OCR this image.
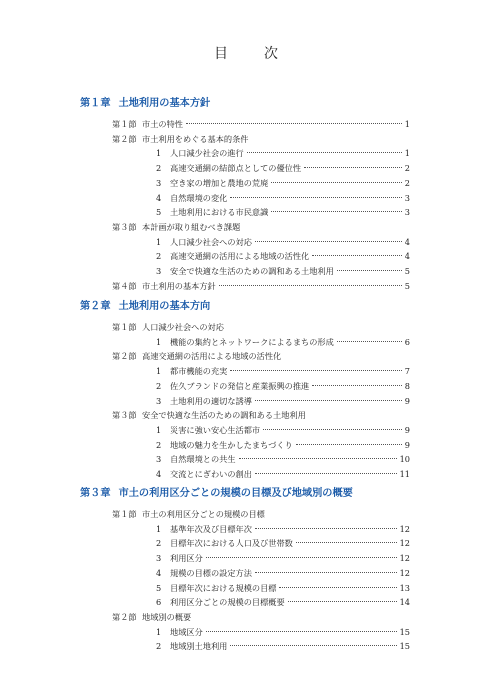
目 次
第１章 土地利用の基本方針
第１節 市土の特性	1
第２節 市土利用をめぐる基本的条件
1	人口減少社会の進行	1
2	高速交通網の結節点としての優位性	2
3	空き家の増加と農地の荒廃	2
4	自然環境の変化	3
5	土地利用における市民意識	3
第３節 本計画が取り組むべき課題
1	人口減少社会への対応	4
2	高速交通網の活用による地域の活性化	4
3	安全で快適な生活のための調和ある土地利用	5
第４節 市土利用の基本方針	5
第２章 土地利用の基本方向
第１節 人口減少社会への対応
1	機能の集約とネットワークによるまちの形成	6
第２節 高速交通網の活用による地域の活性化
1	都市機能の充実	7
2	佐久ブランドの発信と産業振興の推進	8
3	土地利用の適切な誘導	9
第３節 安全で快適な生活のための調和ある土地利用
1	災害に強い安心生活都市	9
2	地域の魅力を生かしたまちづくり	9
3	自然環境との共生	10
4	交流とにぎわいの創出	11
第３章 市土の利用区分ごとの規模の目標及び地域別の概要
第１節 市土の利用区分ごとの規模の目標
1	基準年次及び目標年次	12
2	目標年次における人口及び世帯数	12
3	利用区分	12
4	規模の目標の設定方法	12
5	目標年次における規模の目標	13
6	利用区分ごとの規模の目標概要	14
第２節 地域別の概要
1	地域区分	15
2	地域別土地利用	15
